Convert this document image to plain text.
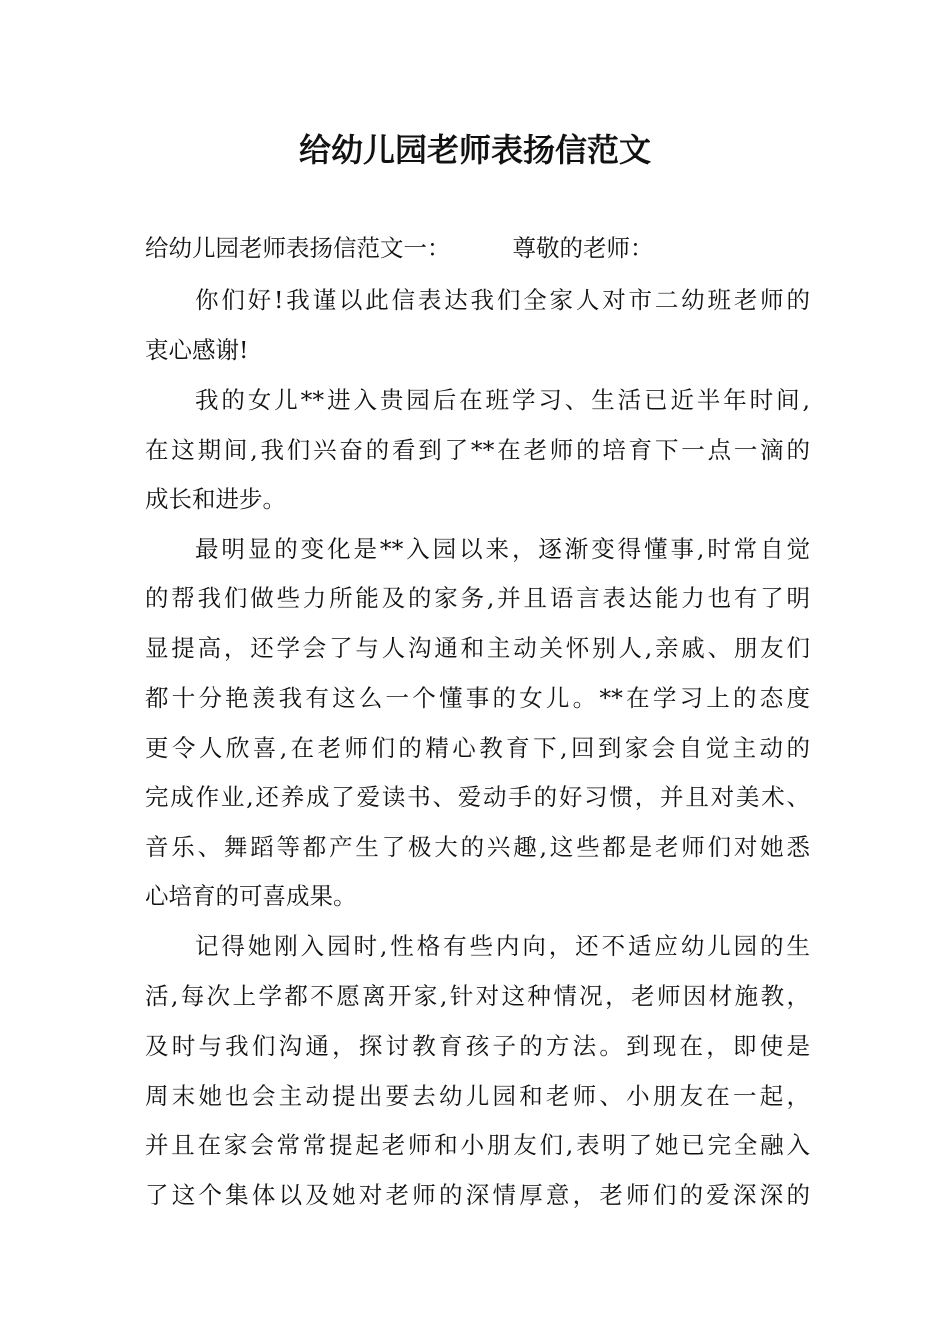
给幼儿园老师表扬信范文
给幼儿园老师表扬信范文一：	尊敬的老师：
你们好!我谨以此信表达我们全家人对市二幼班老师的
衷心感谢!
我的女儿**进入贵园后在班学习、生活已近半年时间,
在这期间,我们兴奋的看到了**在老师的培育下一点一滴的
成长和进步。
最明显的变化是**入园以来，逐渐变得懂事,时常自觉
的帮我们做些力所能及的家务,并且语言表达能力也有了明
显提高，还学会了与人沟通和主动关怀别人,亲戚、朋友们
都十分艳羡我有这么一个懂事的女儿。**在学习上的态度
更令人欣喜,在老师们的精心教育下,回到家会自觉主动的
完成作业,还养成了爱读书、爱动手的好习惯，并且对美术、
音乐、舞蹈等都产生了极大的兴趣,这些都是老师们对她悉
心培育的可喜成果。
记得她刚入园时,性格有些内向，还不适应幼儿园的生
活,每次上学都不愿离开家,针对这种情况，老师因材施教，
及时与我们沟通，探讨教育孩子的方法。到现在，即使是
周末她也会主动提出要去幼儿园和老师、小朋友在一起，
并且在家会常常提起老师和小朋友们,表明了她已完全融入
了这个集体以及她对老师的深情厚意，老师们的爱深深的
